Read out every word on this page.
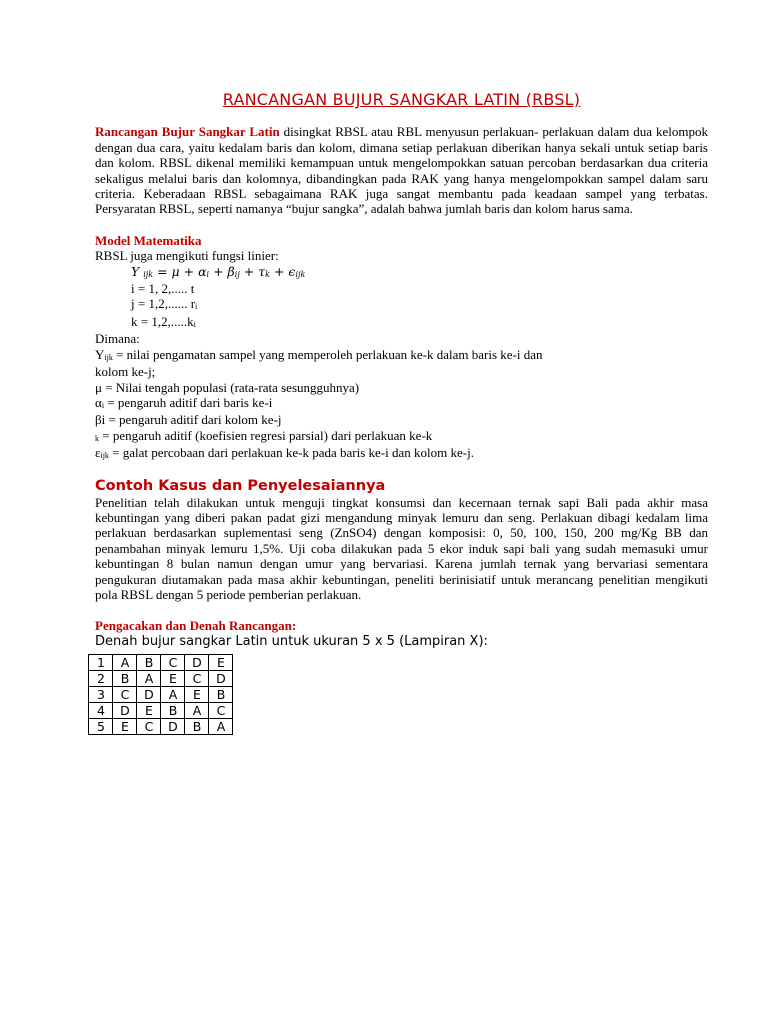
RANCANGAN BUJUR SANGKAR LATIN (RBSL)

Rancangan Bujur Sangkar Latin disingkat RBSL atau RBL menyusun perlakuan- perlakuan dalam dua kelompok dengan dua cara, yaitu kedalam baris dan kolom, dimana setiap perlakuan diberikan hanya sekali untuk setiap baris dan kolom. RBSL dikenal memiliki kemampuan untuk mengelompokkan satuan percoban berdasarkan dua criteria sekaligus melalui baris dan kolomnya, dibandingkan pada RAK yang hanya mengelompokkan sampel dalam saru criteria. Keberadaan RBSL sebagaimana RAK juga sangat membantu pada keadaan sampel yang terbatas. Persyaratan RBSL, seperti namanya “bujur sangka”, adalah bahwa jumlah baris dan kolom harus sama.

Model Matematika

RBSL juga mengikuti fungsi linier:

Y $_{ijk} = \mu + \alpha_i + \beta_{ij} + \tau_k + \epsilon_{ijk}$

i = 1, 2,..... t

j = 1,2,...... $r_i$

$k = 1,2,.....k_i$

Dimana:

$Y_{ijk}$ = nilai pengamatan sampel yang memperoleh perlakuan ke-k dalam baris ke-i dan

kolom ke-j;

μ = Nilai tengah populasi (rata-rata sesungguhnya)

$\alpha_i$ = pengaruh aditif dari baris ke-i

βi = pengaruh aditif dari kolom ke-j

$_k$ = pengaruh aditif (koefisien regresi parsial) dari perlakuan ke-k

$\varepsilon_{ijk}$ = galat percobaan dari perlakuan ke-k pada baris ke-i dan kolom ke-j.

Contoh Kasus dan Penyelesaiannya

Penelitian telah dilakukan untuk menguji tingkat konsumsi dan kecernaan ternak sapi Bali pada akhir masa kebuntingan yang diberi pakan padat gizi mengandung minyak lemuru dan seng. Perlakuan dibagi kedalam lima perlakuan berdasarkan suplementasi seng (ZnSO4) dengan komposisi: 0, 50, 100, 150, 200 mg/Kg BB dan penambahan minyak lemuru 1,5%. Uji coba dilakukan pada 5 ekor induk sapi bali yang sudah memasuki umur kebuntingan 8 bulan namun dengan umur yang bervariasi. Karena jumlah ternak yang bervariasi sementara pengukuran diutamakan pada masa akhir kebuntingan, peneliti berinisiatif untuk merancang penelitian mengikuti pola RBSL dengan 5 periode pemberian perlakuan.

Pengacakan dan Denah Rancangan:

Denah bujur sangkar Latin untuk ukuran 5 x 5 (Lampiran X):

1	A	B	C	D	E
2	B	A	E	C	D
3	C	D	A	E	B
4	D	E	B	A	C
5	E	C	D	B	A
